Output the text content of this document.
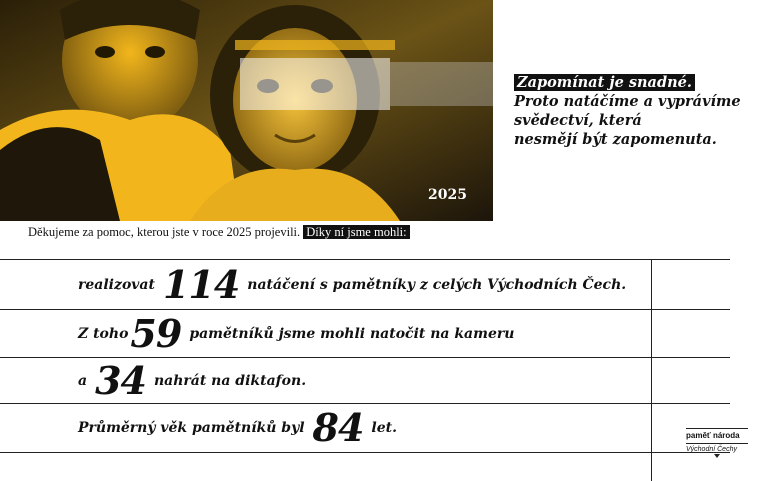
2025
Zapomínat je snadné.
Proto natáčíme a vyprávíme
svědectví, která
nesmějí být zapomenuta.
Děkujeme za pomoc, kterou jste v roce 2025 projevili. Díky ní jsme mohli:
realizovat 114 natáčení s pamětníky z celých Východních Čech.
Z toho 59 pamětníků jsme mohli natočit na kameru
a 34 nahrát na diktafon.
Průměrný věk pamětníků byl 84 let.	paměť národa
Východní Čechy
